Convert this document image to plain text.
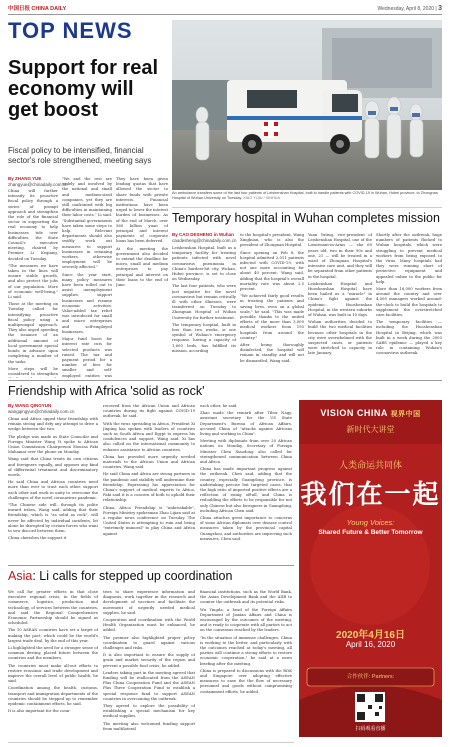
中国日报 CHINA DAILY	Wednesday, April 8, 2020 | 3
TOP NEWS
Support for real economy will get boost
Fiscal policy to be intensified, financial sector's role strengthened, meeting says
By ZHANG YUE
zhangyue@chinadaily.com.cn

China will further intensify its proactive fiscal policy through a series of prompt approach and strengthen the role of the financial sector in supporting the real economy to help businesses tide over difficulties, the State Council's executive meeting, chaired by Premier Li Keqiang, decided on Tuesday.

"The measures we have taken in the lines will ensure stable growth, and also protect the jobs of our population. More of economic well-being," Li said.

Those at the meeting on Tuesday called for intensifying proactive fiscal policy using a multipronged approach. They also urged speeding the issuance of an additional amount of local government special bonds in advance upon completing a number of the tasks.

More steps will be considered to strengthen

"We and the rest are widely and involved by the national and small and medium-sized companies, yet they are still confronted with big difficulties in maintaining their labor costs," Li said. "Substantial governments have taken some steps to help. Relevant departments should also swiftly work out measures to support businesses in retaining workers, otherwise employment will be severely affected."

Since the year start, many policy measures have been rolled out to assist unemployment supplies, support businesses and resume economic activities. Value-added tax relief was introduced for small and micro enterprises and self-employed businesses.

Major fund boost for interest rate cuts for selected products was raised. The tax and payment period for a number of fees for smaller and self-employed entities was

They have been given lending quotas that have allowed the sector to share funds with private interests. Financial institutions have been urged to lower the interest burden of businesses. As of the end of March, over 560 billion yuan of principal and interest payments of corporate loans has been deferred.

At the meeting the government also decided to extend the deadline for micro, small and medium enterprises to pay principal and interest on their loans to the end of June.

An ambulance transfers some of the last four patients of Leishenshan Hospital, built to handle patients with COVID-19 in Wuhan, Hubei province, to Zhongnan Hospital of Wuhan University on Tuesday. XIAO YIJIU / XINHUA
Temporary hospital in Wuhan completes mission
By CAO DESHENG in Wuhan
caodesheng@chinadaily.com.cn

Leishenshan Hospital, built as a temporary facility for treating patients infected with novel coronavirus pneumonia in China's hardest-hit city, Wuhan, Hubei province, is set to close on Wednesday.

The last four patients, who were just negative for the novel coronavirus but remain critically ill with other illnesses, were transferred on Tuesday to Zhongnan Hospital of Wuhan University for further treatment.

The temporary hospital, built in less than two weeks, is one symbol of Wuhan's emergency response, having a capacity of 1,600 beds, has fulfilled its mission, according

to the hospital's president, Wang Xinghuan, who is also the president of Zhongnan Hospital.

Since opening on Feb 8, the hospital admitted 2,011 patients infected with COVID-19, with not one more accounting for about 40 percent, Wang said, adding that the hospital's overall mortality rate was about 2.5 percent.

"We achieved fairly good results in treating the patients and saving lives, even on a global scale," he said. "This was made possible thanks to the united efforts of the more than 3,000 medical workers from 195 hospitals from around the country."

After being thoroughly disinfected, the hospital will remain in standby and will not be dismantled, Wang said.

Yuan Yuting, vice-president of Leishenshan Hospital, one of the Lieutenant-in-Arms — she 60 years old, two in their 90s and one, 21 — will be treated in a ward of Zhongnan Hospital's intensive care unit, and they will be separated from other patients in the hospital.

Leishenshan Hospital and Huoshenshan Hospital have been hailed as a "miracle" in China's fight against the epidemic. Huoshenshan Hospital, in the western suburbs of Wuhan, was built in 10 days.

Wuhan authorities decided to build the two medical facilities because other hospitals in the city were overwhelmed with the suspected cases, or patients were stretched to capacity in late January.

Shortly after the outbreak, huge numbers of patients flocked to Wuhan hospitals, which were struggling to prevent medical workers from being exposed to the virus. Many hospitals had they were running short of protective equipment and appealed online to the public for help.

More than 16,000 workers from around the country and over 4,000 managers worked around-the-clock to build the hospitals to supplement the overstretched care facilities.

The temporary facilities — including the Huoshenshan Hospital in Beijing, which was built in a week during the 2003 SARS epidemic — played a key role in containing Wuhan's coronavirus outbreak.

Friendship with Africa 'solid as rock'
By WANG QINGYUN
wangqingyun@chinadaily.com.cn

China and Africa upped their friendship with remain strong and defy any attempt to drive a wedge between the two.

The pledge was made as State Councilor and Foreign Minister Wang Yi spoke to African Union Commission Chairperson Moussa Faki Mahamat over the phone on Monday.

Wang said that China treats its own citizens and foreigners equally, and opposes any kind of differential treatment and discriminatory words.

He said China and African countries need more than ever to trust each other, support each other and work in unity to overcome the challenges of the novel coronavirus pandemic.

"The Chinese side will, through its polite inward tribes, Wang said, adding that their friendship, which is "as solid as rock", will never be affected by individual incidents, let alone be disrupted by certain forces who want to sow discord between them.

China cherishes the support it

received from the African Union and African countries during its fight against COVID-19 outbreak, he said.

With the virus spreading in Africa, President Xi Jinping has spoken with leaders of countries such as South Africa and Egypt to express his condolences and support, Wang said. Xi has also called on the international community to enhance assistance to African countries.

China has provided more urgently needed materials to the African Union and African countries, Wang said.

He said China and Africa are strong partners in the pandemic and stability will undermine their friendship. Expressing his appreciation for China's support of medical experts to Africa, Faki said it is a concern of both to uphold their relationship.

China, Africa Friendship is "unbreakable", Foreign Ministry spokesman Zhao Lijian said at a regular news conference on Tuesday. The United States is attempting to ruin and being "extremely immoral" to play China and Africa against

each other, he said.

Zhao made the remark after Tibor Nagy, assistant secretary for the US State Department's Bureau of African Affairs, accused China of "attacks against Africans living and working in China".

Meeting with diplomats from over 20 African nations on Monday, Secretary of Foreign Minister Chen Xiaodong also called for strengthened communication between China and Africa.

China has made important progress against the outbreak, Chen said, adding that the country, especially Guangdong province, is undertaking precise but targeted cases, that the high ratio of imported positive effects are a reflection of rising off-all, and China is redoubling the efforts to be responsible for not only Chinese but also foreigners in Guangdong, including African Chen said.

China attaches great importance to concerns of some African diplomats over disease control measures taken by the provincial capital Guangzhou, and authorities are improving such measures, Chen said.

Asia: Li calls for stepped up coordination

We call for greater efforts in that close executive regional crisis, in the fields of commerce, logistics, production and technology, of services between the countries, and said the Regional Comprehensive Economic Partnership should be signed as scheduled.

The 10 ASEAN countries have set a target of making the pact, which could be the world's largest trade deal, by the end of this year.

Li highlighted the need for a stronger sense of common destiny, placed future between the countries and the members.

The countries must make all-out efforts to restore economic and trade development and improve the overall level of public health, he said.

Coordination among the health, customs, transport and immigration departments of the countries should be stepped up to remember epidemic containment efforts, he said.

It is also important for the coun-

tries to share experience information and diagnosis, work together in the research and development of vaccines and facilitate the movement of urgently needed medical supplies, he said.

Cooperation and coordination with the World Health Organization must be enhanced, he added.

The premier also highlighted proper policy coordination to guard against various challenges and risks.

It is also important to ensure the supply of grain and market security of the region and prevent a possible food crisis, he added.

Leaders taking part in the meeting agreed that funding will be reallocated from the ASEAN Plus China Cooperation Fund and the ASEAN Plus Three Cooperation Fund to establish a special response fund to support ASEAN countries in overcoming the outbreak.

They agreed to explore the possibility of establishing a special mechanism for key medical supplies.

The meeting also welcomed funding support from multilateral

financial institutions, such as the World Bank, the Asian Development Bank and the AIIB to counter the outbreak and its potential risks.

Wu Yingda, a head of the Foreign Affairs Department of Jiaxian Affairs and China is encouraged by the outcomes of the meeting, and is ready to cooperate with all parties to act on the consensus reached by the leaders.

"In the situation of immense challenges, China is working to the better, and particularly with the outcomes reached at today's meeting, all parties will continue a strong efforts to restore economic cooperation," he said at a news briefing after the meeting.

China is prepared to discussions with the ROK and Singapore over adopting effective measures to ease the the flow of necessary personnel and goods without compromising containment efforts, he added.

VISION CHINA 视界中国
新时代大讲堂
人类命运共同体
我们在一起
Young Voices:
Shared Future & Better Tomorrow
2020年4月16日
April 16, 2020
合作伙伴: Partners:
扫码观看直播
